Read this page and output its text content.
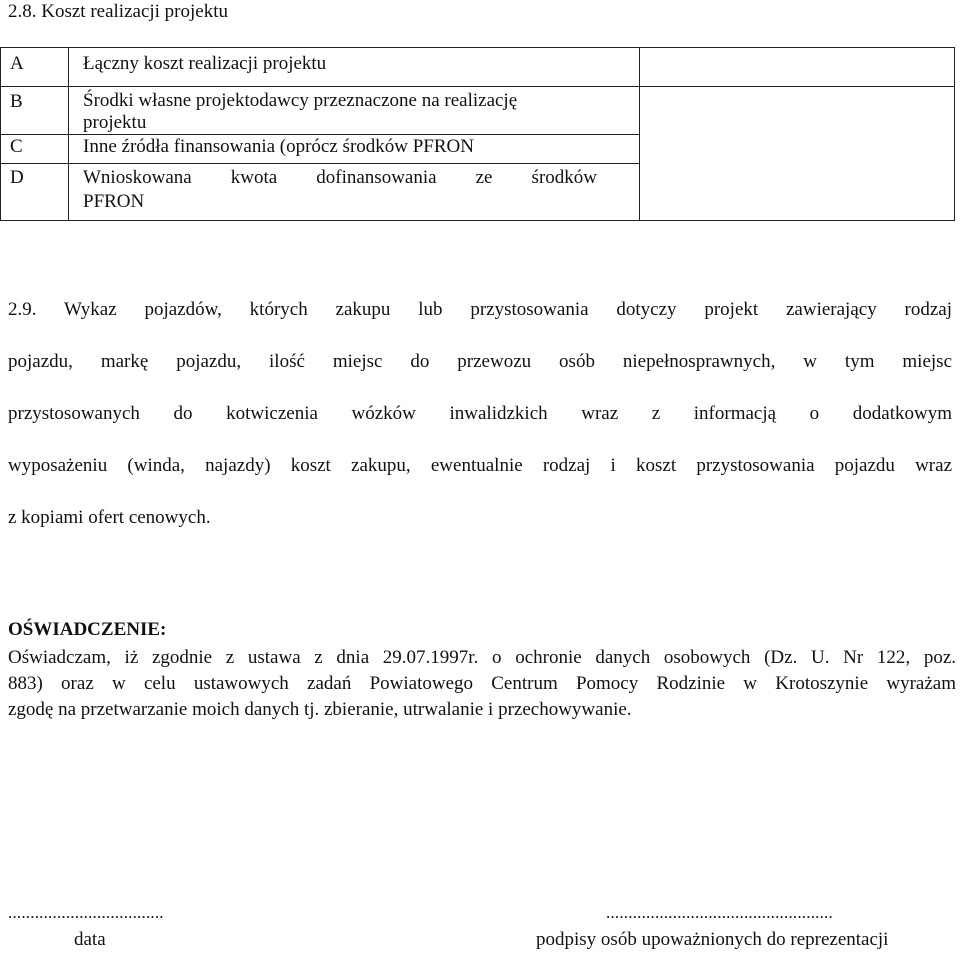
2.8. Koszt realizacji projektu
A	Łączny koszt realizacji projektu	

B	Środki własne projektodawcy przeznaczone na realizację
projektu	

C	Inne źródła finansowania (oprócz środków PFRON	

D	Wnioskowana kwota dofinansowania ze środków
PFRON	
2.9. Wykaz pojazdów, których zakupu lub przystosowania dotyczy projekt zawierający rodzaj
pojazdu, markę pojazdu, ilość miejsc do przewozu osób niepełnosprawnych, w tym miejsc
przystosowanych do kotwiczenia wózków inwalidzkich wraz z informacją o dodatkowym
wyposażeniu (winda, najazdy) koszt zakupu, ewentualnie rodzaj i koszt przystosowania pojazdu wraz
z kopiami ofert cenowych.
OŚWIADCZENIE:
Oświadczam, iż zgodnie z ustawa z dnia 29.07.1997r. o ochronie danych osobowych (Dz. U. Nr 122, poz.
883) oraz w celu ustawowych zadań Powiatowego Centrum Pomocy Rodzinie w Krotoszynie wyrażam
zgodę na przetwarzanie moich danych tj. zbieranie, utrwalanie i przechowywanie.
...................................	...................................................
data	podpisy osób upoważnionych do reprezentacji
